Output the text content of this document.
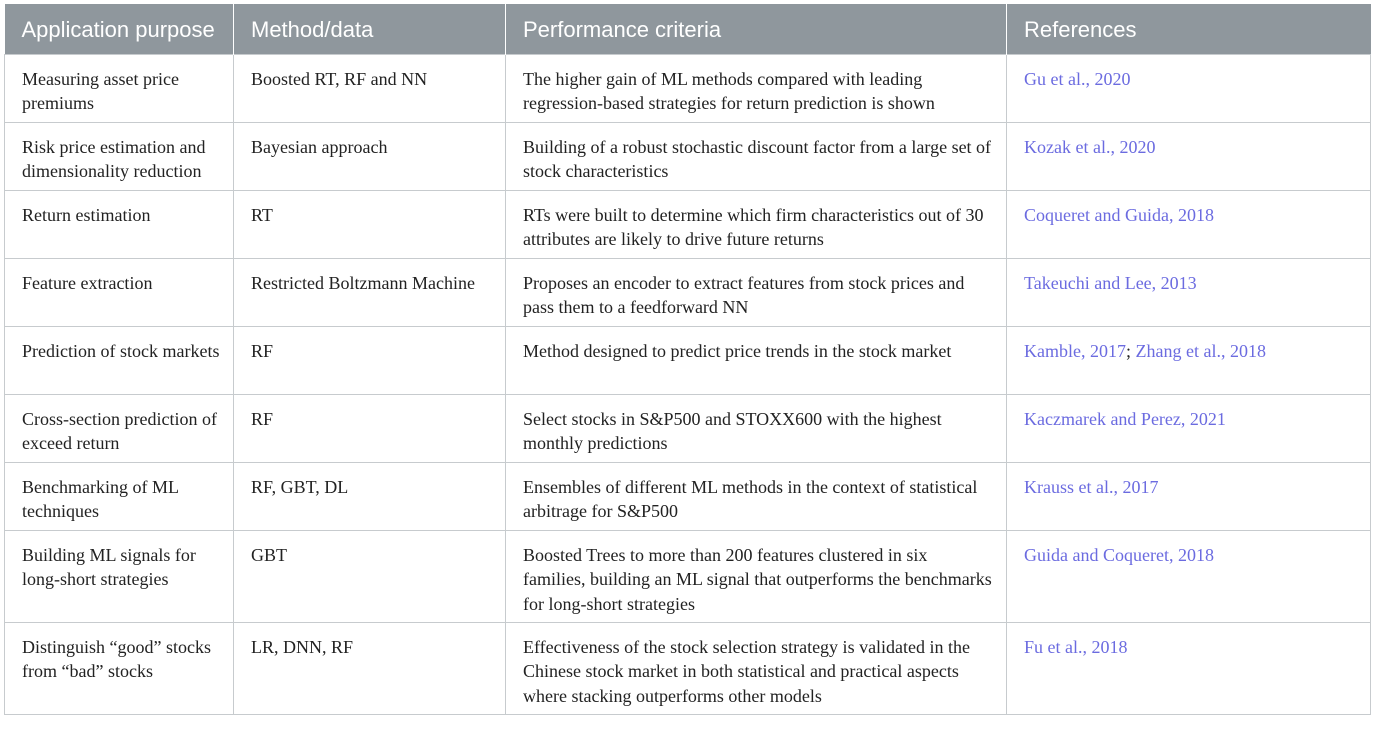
Application purpose	Method/data	Performance criteria	References
Measuring asset price premiums	Boosted RT, RF and NN	The higher gain of ML methods compared with leading regression-based strategies for return prediction is shown	Gu et al., 2020
Risk price estimation and dimensionality reduction	Bayesian approach	Building of a robust stochastic discount factor from a large set of stock characteristics	Kozak et al., 2020
Return estimation	RT	RTs were built to determine which firm characteristics out of 30 attributes are likely to drive future returns	Coqueret and Guida, 2018
Feature extraction	Restricted Boltzmann Machine	Proposes an encoder to extract features from stock prices and pass them to a feedforward NN	Takeuchi and Lee, 2013
Prediction of stock markets	RF	Method designed to predict price trends in the stock market	Kamble, 2017; Zhang et al., 2018
Cross-section prediction of exceed return	RF	Select stocks in S&P500 and STOXX600 with the highest monthly predictions	Kaczmarek and Perez, 2021
Benchmarking of ML techniques	RF, GBT, DL	Ensembles of different ML methods in the context of statistical arbitrage for S&P500	Krauss et al., 2017
Building ML signals for long-short strategies	GBT	Boosted Trees to more than 200 features clustered in six families, building an ML signal that outperforms the benchmarks for long-short strategies	Guida and Coqueret, 2018
Distinguish “good” stocks from “bad” stocks	LR, DNN, RF	Effectiveness of the stock selection strategy is validated in the Chinese stock market in both statistical and practical aspects where stacking outperforms other models	Fu et al., 2018
